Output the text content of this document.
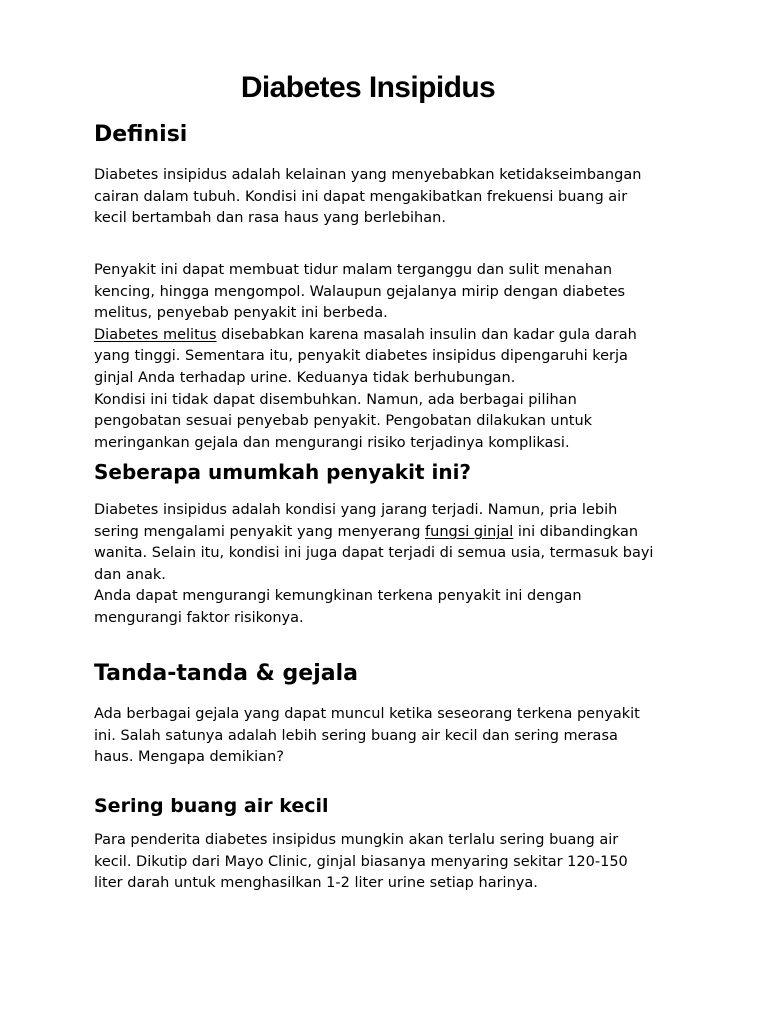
Diabetes Insipidus
Definisi
Diabetes insipidus adalah kelainan yang menyebabkan ketidakseimbangan
cairan dalam tubuh. Kondisi ini dapat mengakibatkan frekuensi buang air
kecil bertambah dan rasa haus yang berlebihan.
Penyakit ini dapat membuat tidur malam terganggu dan sulit menahan
kencing, hingga mengompol. Walaupun gejalanya mirip dengan diabetes
melitus, penyebab penyakit ini berbeda.
Diabetes melitus disebabkan karena masalah insulin dan kadar gula darah
yang tinggi. Sementara itu, penyakit diabetes insipidus dipengaruhi kerja
ginjal Anda terhadap urine. Keduanya tidak berhubungan.
Kondisi ini tidak dapat disembuhkan. Namun, ada berbagai pilihan
pengobatan sesuai penyebab penyakit. Pengobatan dilakukan untuk
meringankan gejala dan mengurangi risiko terjadinya komplikasi.
Seberapa umumkah penyakit ini?
Diabetes insipidus adalah kondisi yang jarang terjadi. Namun, pria lebih
sering mengalami penyakit yang menyerang fungsi ginjal ini dibandingkan
wanita. Selain itu, kondisi ini juga dapat terjadi di semua usia, termasuk bayi
dan anak.
Anda dapat mengurangi kemungkinan terkena penyakit ini dengan
mengurangi faktor risikonya.
Tanda-tanda & gejala
Ada berbagai gejala yang dapat muncul ketika seseorang terkena penyakit
ini. Salah satunya adalah lebih sering buang air kecil dan sering merasa
haus. Mengapa demikian?
Sering buang air kecil
Para penderita diabetes insipidus mungkin akan terlalu sering buang air
kecil. Dikutip dari Mayo Clinic, ginjal biasanya menyaring sekitar 120-150
liter darah untuk menghasilkan 1-2 liter urine setiap harinya.
